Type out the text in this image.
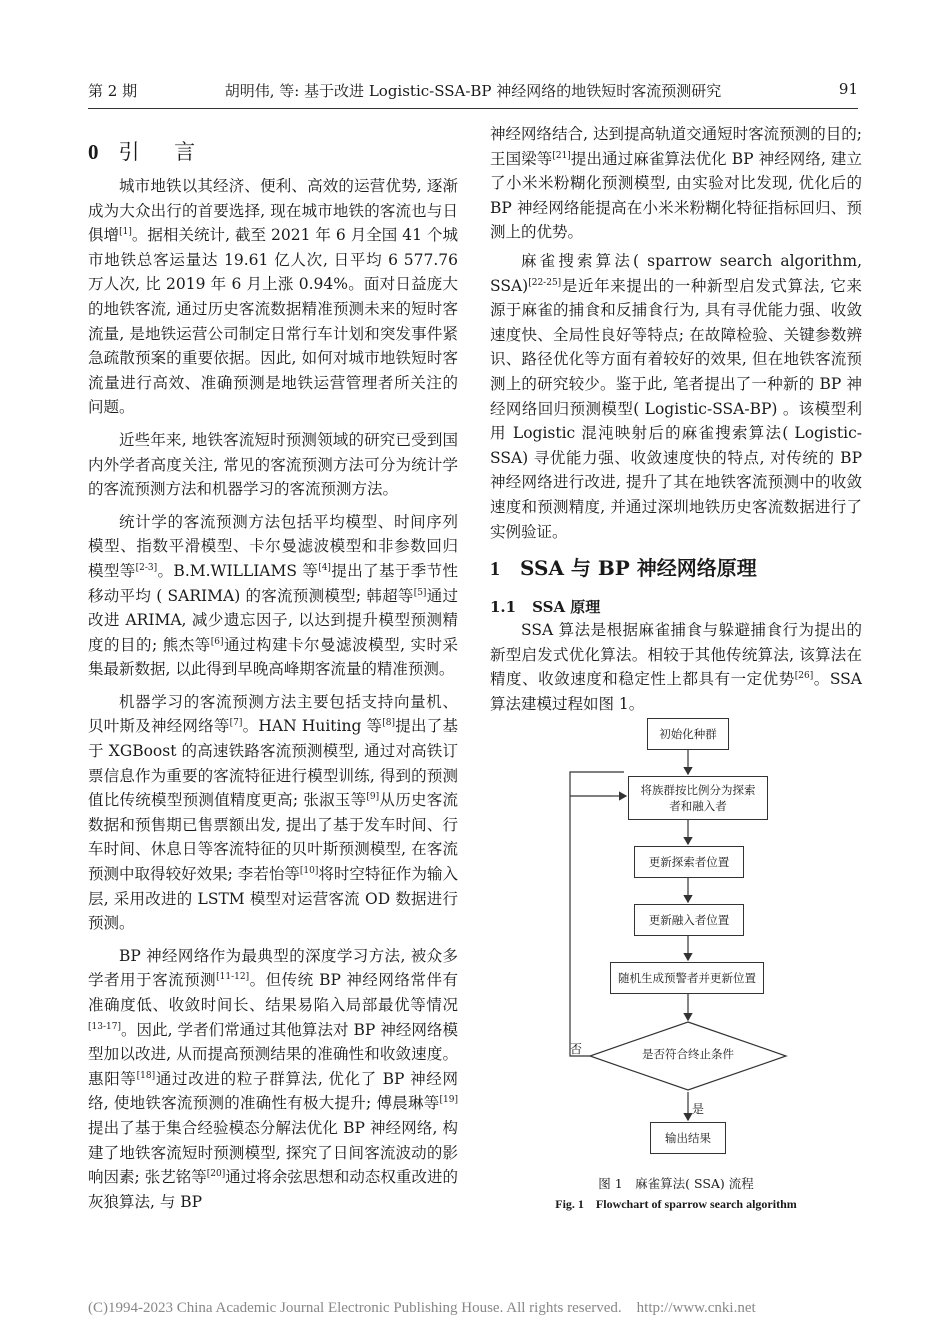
第 2 期	胡明伟, 等: 基于改进 Logistic-SSA-BP 神经网络的地铁短时客流预测研究	91
0 引 言

城市地铁以其经济、便利、高效的运营优势, 逐渐成为大众出行的首要选择, 现在城市地铁的客流也与日俱增[1]。据相关统计, 截至 2021 年 6 月全国 41 个城市地铁总客运量达 19.61 亿人次, 日平均 6 577.76万人次, 比 2019 年 6 月上涨 0.94%。面对日益庞大的地铁客流, 通过历史客流数据精准预测未来的短时客流量, 是地铁运营公司制定日常行车计划和突发事件紧急疏散预案的重要依据。因此, 如何对城市地铁短时客流量进行高效、准确预测是地铁运营管理者所关注的问题。

近些年来, 地铁客流短时预测领域的研究已受到国内外学者高度关注, 常见的客流预测方法可分为统计学的客流预测方法和机器学习的客流预测方法。

统计学的客流预测方法包括平均模型、时间序列模型、指数平滑模型、卡尔曼滤波模型和非参数回归模型等[2-3]。B.M.WILLIAMS 等[4]提出了基于季节性移动平均 ( SARIMA) 的客流预测模型; 韩超等[5]通过改进 ARIMA, 减少遗忘因子, 以达到提升模型预测精度的目的; 熊杰等[6]通过构建卡尔曼滤波模型, 实时采集最新数据, 以此得到早晚高峰期客流量的精准预测。

机器学习的客流预测方法主要包括支持向量机、贝叶斯及神经网络等[7]。HAN Huiting 等[8]提出了基于 XGBoost 的高速铁路客流预测模型, 通过对高铁订票信息作为重要的客流特征进行模型训练, 得到的预测值比传统模型预测值精度更高; 张淑玉等[9]从历史客流数据和预售期已售票额出发, 提出了基于发车时间、行车时间、休息日等客流特征的贝叶斯预测模型, 在客流预测中取得较好效果; 李若怡等[10]将时空特征作为输入层, 采用改进的 LSTM 模型对运营客流 OD 数据进行预测。

BP 神经网络作为最典型的深度学习方法, 被众多学者用于客流预测[11-12]。但传统 BP 神经网络常伴有准确度低、收敛时间长、结果易陷入局部最优等情况[13-17]。因此, 学者们常通过其他算法对 BP 神经网络模型加以改进, 从而提高预测结果的准确性和收敛速度。惠阳等[18]通过改进的粒子群算法, 优化了 BP 神经网络, 使地铁客流预测的准确性有极大提升; 傅晨琳等[19]提出了基于集合经验模态分解法优化 BP 神经网络, 构建了地铁客流短时预测模型, 探究了日间客流波动的影响因素; 张艺铭等[20]通过将余弦思想和动态权重改进的灰狼算法, 与 BP

神经网络结合, 达到提高轨道交通短时客流预测的目的; 王国梁等[21]提出通过麻雀算法优化 BP 神经网络, 建立了小米米粉糊化预测模型, 由实验对比发现, 优化后的 BP 神经网络能提高在小米米粉糊化特征指标回归、预测上的优势。

麻雀搜索算法( sparrow search algorithm, SSA)[22-25]是近年来提出的一种新型启发式算法, 它来源于麻雀的捕食和反捕食行为, 具有寻优能力强、收敛速度快、全局性良好等特点; 在故障检验、关键参数辨识、路径优化等方面有着较好的效果, 但在地铁客流预测上的研究较少。鉴于此, 笔者提出了一种新的 BP 神经网络回归预测模型( Logistic-SSA-BP) 。该模型利用 Logistic 混沌映射后的麻雀搜索算法( Logistic-SSA) 寻优能力强、收敛速度快的特点, 对传统的 BP 神经网络进行改进, 提升了其在地铁客流预测中的收敛速度和预测精度, 并通过深圳地铁历史客流数据进行了实例验证。

1 SSA 与 BP 神经网络原理
1.1 SSA 原理

SSA 算法是根据麻雀捕食与躲避捕食行为提出的新型启发式优化算法。相较于其他传统算法, 该算法在精度、收敛速度和稳定性上都具有一定优势[26]。SSA 算法建模过程如图 1。

初始化种群
将族群按比例分为探索者和融入者
更新探索者位置
更新融入者位置
随机生成预警者并更新位置
是否符合终止条件
输出结果
否
是
图 1　麻雀算法( SSA) 流程
Fig. 1　Flowchart of sparrow search algorithm
(C)1994-2023 China Academic Journal Electronic Publishing House. All rights reserved.　http://www.cnki.net
